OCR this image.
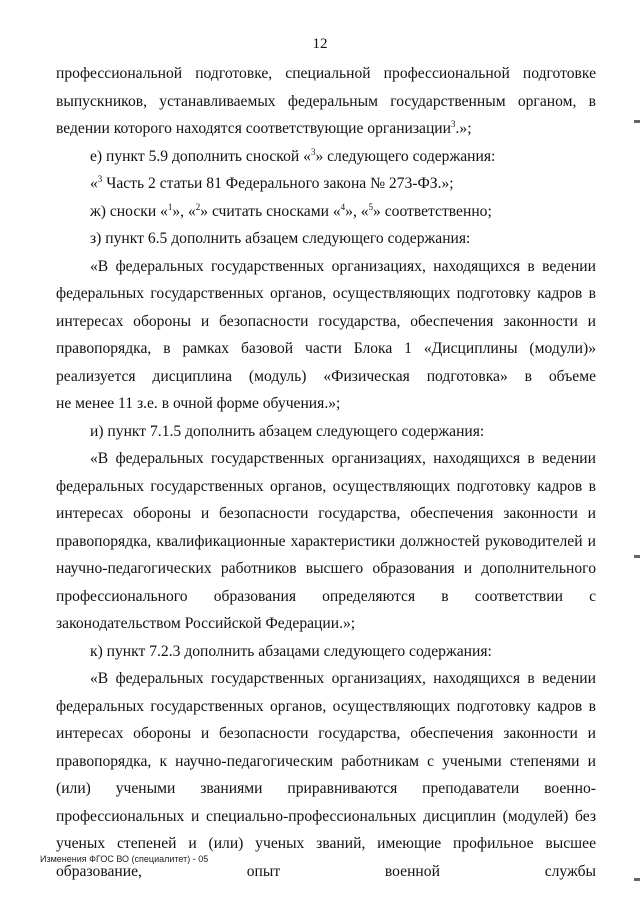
12

профессиональной подготовке, специальной профессиональной подготовке выпускников, устанавливаемых федеральным государственным органом, в ведении которого находятся соответствующие организации$^3$.»;

е) пункт 5.9 дополнить сноской «$^3$» следующего содержания:

«$^3$ Часть 2 статьи 81 Федерального закона № 273-ФЗ.»;

ж) сноски «$^1$», «$^2$» считать сносками «$^4$», «$^5$» соответственно;

з) пункт 6.5 дополнить абзацем следующего содержания:

«В федеральных государственных организациях, находящихся в ведении федеральных государственных органов, осуществляющих подготовку кадров в интересах обороны и безопасности государства, обеспечения законности и правопорядка, в рамках базовой части Блока 1 «Дисциплины (модули)» реализуется дисциплина (модуль) «Физическая подготовка» в объеме

не менее 11 з.е. в очной форме обучения.»;

и) пункт 7.1.5 дополнить абзацем следующего содержания:

«В федеральных государственных организациях, находящихся в ведении федеральных государственных органов, осуществляющих подготовку кадров в интересах обороны и безопасности государства, обеспечения законности и правопорядка, квалификационные характеристики должностей руководителей и научно-педагогических работников высшего образования и дополнительного профессионального образования определяются в соответствии с законодательством Российской Федерации.»;

к) пункт 7.2.3 дополнить абзацами следующего содержания:

«В федеральных государственных организациях, находящихся в ведении федеральных государственных органов, осуществляющих подготовку кадров в интересах обороны и безопасности государства, обеспечения законности и правопорядка, к научно-педагогическим работникам с учеными степенями и (или) учеными званиями приравниваются преподаватели военно-профессиональных и специально-профессиональных дисциплин (модулей) без ученых степеней и (или) ученых званий, имеющие профильное высшее образование, опыт военной службы

Изменения ФГОС ВО (специалитет) - 05
